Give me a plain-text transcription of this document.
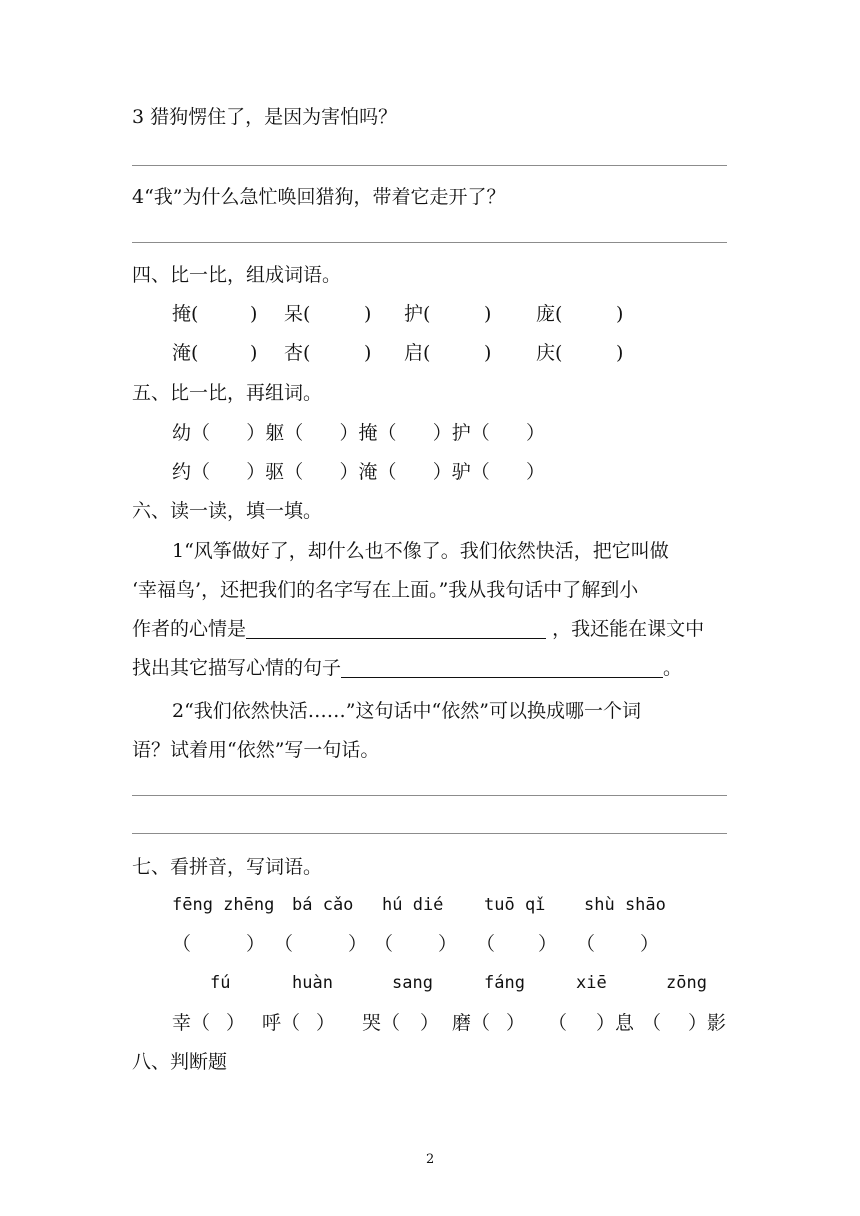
3 猎狗愣住了，是因为害怕吗？
4“我”为什么急忙唤回猎狗，带着它走开了？
四、比一比，组成词语。
掩(	) 呆(	) 护(	) 庞(	)
淹(	) 杏(	) 启(	) 庆(	)
五、比一比，再组词。
幼（      ）躯（      ）掩（      ）护（      ）
约（      ）驱（      ）淹（      ）驴（      ）
六、读一读，填一填。
1“风筝做好了，却什么也不像了。我们依然快活，把它叫做
‘幸福鸟’，还把我们的名字写在上面。”我从我句话中了解到小
作者的心情是	，我还能在课文中
找出其它描写心情的句子	。
2“我们依然快活……”这句话中“依然”可以换成哪一个词
语？试着用“依然”写一句话。
七、看拼音，写词语。
fēng zhēng bá cǎo hú dié tuō qǐ shù shāo
（	） （	） （ ） （ ） （ ）
fú	huàn	sang	fáng	xiē	zōng
幸（ ） 呼（ ） 哭（ ） 磨（ ） （ ）息 （ ）影
八、判断题
2
